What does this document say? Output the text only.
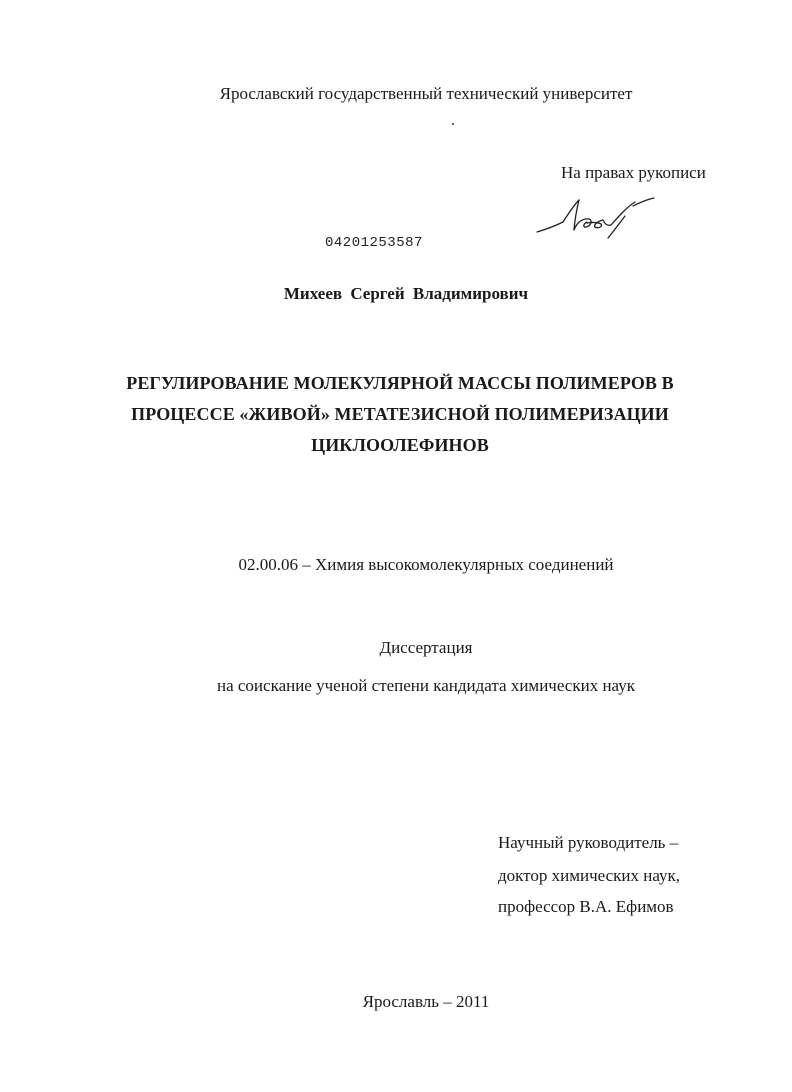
Ярославский государственный технический университет
На правах рукописи
04201253587
Михеев Сергей Владимирович
РЕГУЛИРОВАНИЕ МОЛЕКУЛЯРНОЙ МАССЫ ПОЛИМЕРОВ В
ПРОЦЕССЕ «ЖИВОЙ» МЕТАТЕЗИСНОЙ ПОЛИМЕРИЗАЦИИ
ЦИКЛООЛЕФИНОВ
02.00.06 – Химия высокомолекулярных соединений
Диссертация
на соискание ученой степени кандидата химических наук
Научный руководитель –
доктор химических наук,
профессор В.А. Ефимов
Ярославль – 2011
